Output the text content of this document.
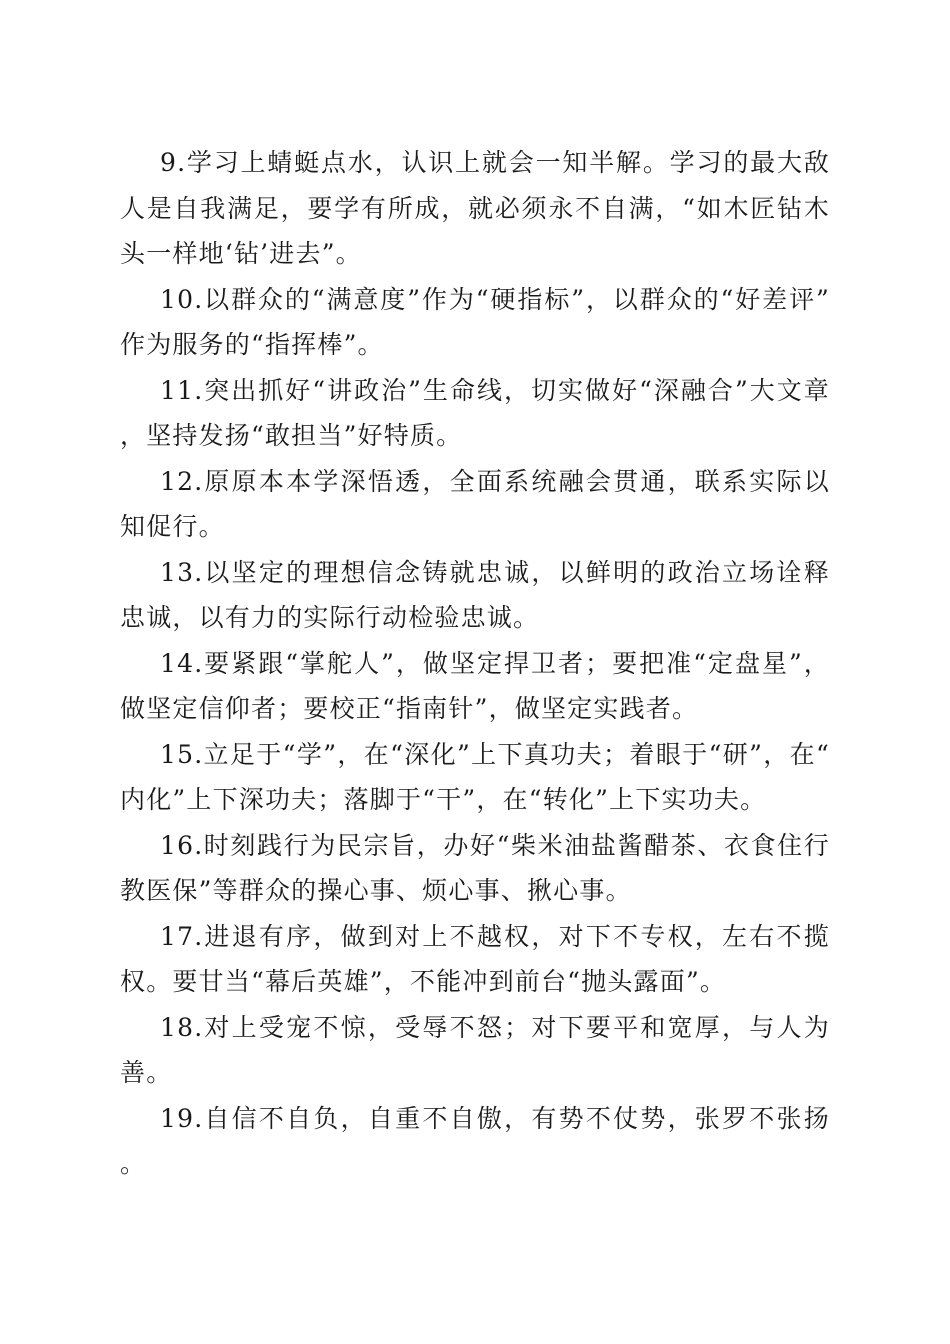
9.学习上蜻蜓点水，认识上就会一知半解。学习的最大敌人是自我满足，要学有所成，就必须永不自满，“如木匠钻木头一样地‘钻’进去”。

10.以群众的“满意度”作为“硬指标”，以群众的“好差评”作为服务的“指挥棒”。

11.突出抓好“讲政治”生命线，切实做好“深融合”大文章，坚持发扬“敢担当”好特质。

12.原原本本学深悟透，全面系统融会贯通，联系实际以知促行。

13.以坚定的理想信念铸就忠诚，以鲜明的政治立场诠释忠诚，以有力的实际行动检验忠诚。

14.要紧跟“掌舵人”，做坚定捍卫者；要把准“定盘星”，做坚定信仰者；要校正“指南针”，做坚定实践者。

15.立足于“学”，在“深化”上下真功夫；着眼于“研”，在“内化”上下深功夫；落脚于“干”，在“转化”上下实功夫。

16.时刻践行为民宗旨，办好“柴米油盐酱醋茶、衣食住行教医保”等群众的操心事、烦心事、揪心事。

17.进退有序，做到对上不越权，对下不专权，左右不揽权。要甘当“幕后英雄”，不能冲到前台“抛头露面”。

18.对上受宠不惊，受辱不怒；对下要平和宽厚，与人为善。

19.自信不自负，自重不自傲，有势不仗势，张罗不张扬。
